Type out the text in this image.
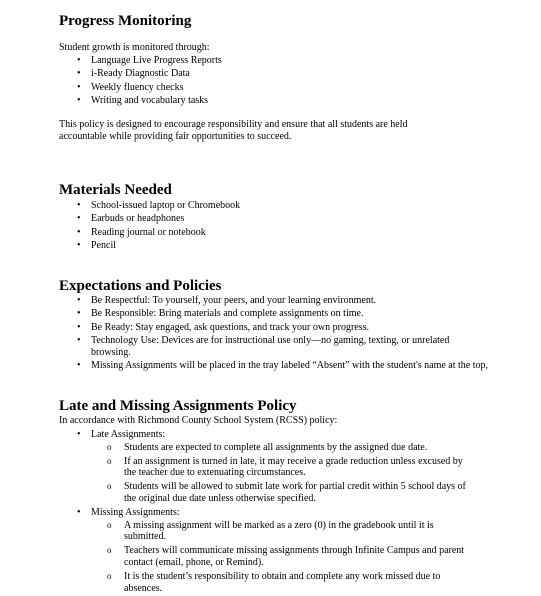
Progress Monitoring

Student growth is monitored through:

•	Language Live Progress Reports
•	i-Ready Diagnostic Data
•	Weekly fluency checks
•	Writing and vocabulary tasks

This policy is designed to encourage responsibility and ensure that all students are held accountable while providing fair opportunities to succeed.

Materials Needed
•	School-issued laptop or Chromebook
•	Earbuds or headphones
•	Reading journal or notebook
•	Pencil
Expectations and Policies
•	Be Respectful: To yourself, your peers, and your learning environment.
•	Be Responsible: Bring materials and complete assignments on time.
•	Be Ready: Stay engaged, ask questions, and track your own progress.
•	Technology Use: Devices are for instructional use only—no gaming, texting, or unrelated browsing.
•	Missing Assignments will be placed in the tray labeled “Absent” with the student's name at the top,
Late and Missing Assignments Policy

In accordance with Richmond County School System (RCSS) policy:

•	Late Assignments:
o Students are expected to complete all assignments by the assigned due date.
o If an assignment is turned in late, it may receive a grade reduction unless excused by the teacher due to extenuating circumstances.
o Students will be allowed to submit late work for partial credit within 5 school days of the original due date unless otherwise specified.
•	Missing Assignments:
o A missing assignment will be marked as a zero (0) in the gradebook until it is submitted.
o Teachers will communicate missing assignments through Infinite Campus and parent contact (email, phone, or Remind).
o It is the student’s responsibility to obtain and complete any work missed due to absences.
